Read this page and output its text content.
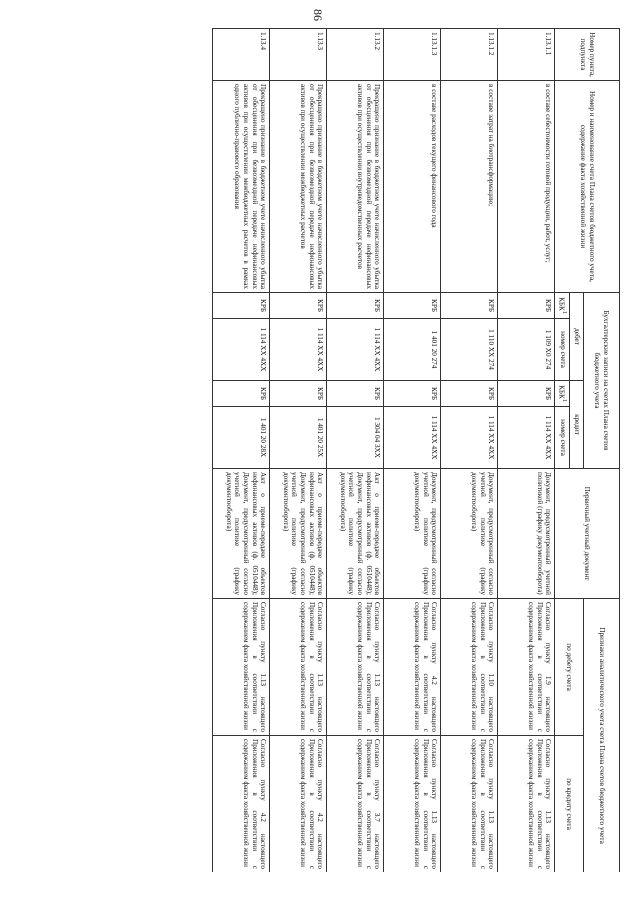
86
Номер пункта, подпункта	Номер и наименование счета Плана счетов бюджетного учета, содержание факта хозяйственной жизни	Бухгалтерские записи на счетах Плана счетов бюджетного учета				Первичный учетный документ	Признаки аналитического учета счета Плана счетов бюджетного учета	
		дебет		кредит			по дебету счета	по кредиту счета
		КБК$^1$	номер счета	КБК$^1$	номер счета			
1.13.1.1	в составе себестоимости готовой продукции, работ, услуг;	КРБ	1 109 X0 274	КРБ	1 114 XX 4XX	Документ, предусмотренный учетной политикой (графику документооборота)	Согласно пункту 1.9 настоящего Приложения в соответствии с содержанием факта хозяйственной жизни	Согласно пункту 1.13 настоящего Приложения в соответствии с содержанием факта хозяйственной жизни
1.13.1.2	в составе затрат на биотрансформацию;	КРБ	1 110 XX 274	КРБ	1 114 XX 4XX	Документ, предусмотренный согласно учетной политике (графику документооборота)	Согласно пункту 1.10 настоящего Приложения в соответствии с содержанием факта хозяйственной жизни	Согласно пункту 1.13 настоящего Приложения в соответствии с содержанием факта хозяйственной жизни
1.13.1.3	в составе расходов текущего финансового года	КРБ	1 401 20 274	КРБ	1 114 XX 4XX	Документ, предусмотренный согласно учетной политике (графику документооборота)	Согласно пункту 4.2 настоящего Приложения в соответствии с содержанием факта хозяйственной жизни	Согласно пункту 1.13 настоящего Приложения в соответствии с содержанием факта хозяйственной жизни
1.13.2	Прекращено признание в бюджетном учете начисленного убытка от обесценения при безвозмездной передаче нефинансовых активов при осуществлении внутриведомственных расчетов	КРБ	1 114 XX 4XX	КРБ	1 304 04 3XX	Акт о приеме-передаче объектов нефинансовых активов (ф. 0510448); Документ, предусмотренный согласно учетной политике (графику документооборота)	Согласно пункту 1.13 настоящего Приложения в соответствии с содержанием факта хозяйственной жизни	Согласно пункту 3.7 настоящего Приложения в соответствии с содержанием факта хозяйственной жизни
1.13.3	Прекращено признание в бюджетном учете начисленного убытка от обесценения при безвозмездной передаче нефинансовых активов при осуществлении межбюджетных расчетов	КРБ	1 114 XX 4XX	КРБ	1 401 20 25X	Акт о приеме-передаче объектов нефинансовых активов (ф. 0510448); Документ, предусмотренный согласно учетной политике (графику документооборота)	Согласно пункту 1.13 настоящего Приложения в соответствии с содержанием факта хозяйственной жизни	Согласно пункту 4.2 настоящего Приложения в соответствии с содержанием факта хозяйственной жизни
1.13.4	Прекращено признание в бюджетном учете начисленного убытка от обесценения при безвозмездной передаче нефинансовых активов при осуществлении межбюджетных расчетов в рамках одного публично-правового образования	КРБ	1 114 XX 4XX	КРБ	1 401 20 28X	Акт о приеме-передаче объектов нефинансовых активов (ф. 0510448); Документ, предусмотренный согласно учетной политике (графику документооборота)	Согласно пункту 1.13 настоящего Приложения в соответствии с содержанием факта хозяйственной жизни	Согласно пункту 4.2 настоящего Приложения в соответствии с содержанием факта хозяйственной жизни
